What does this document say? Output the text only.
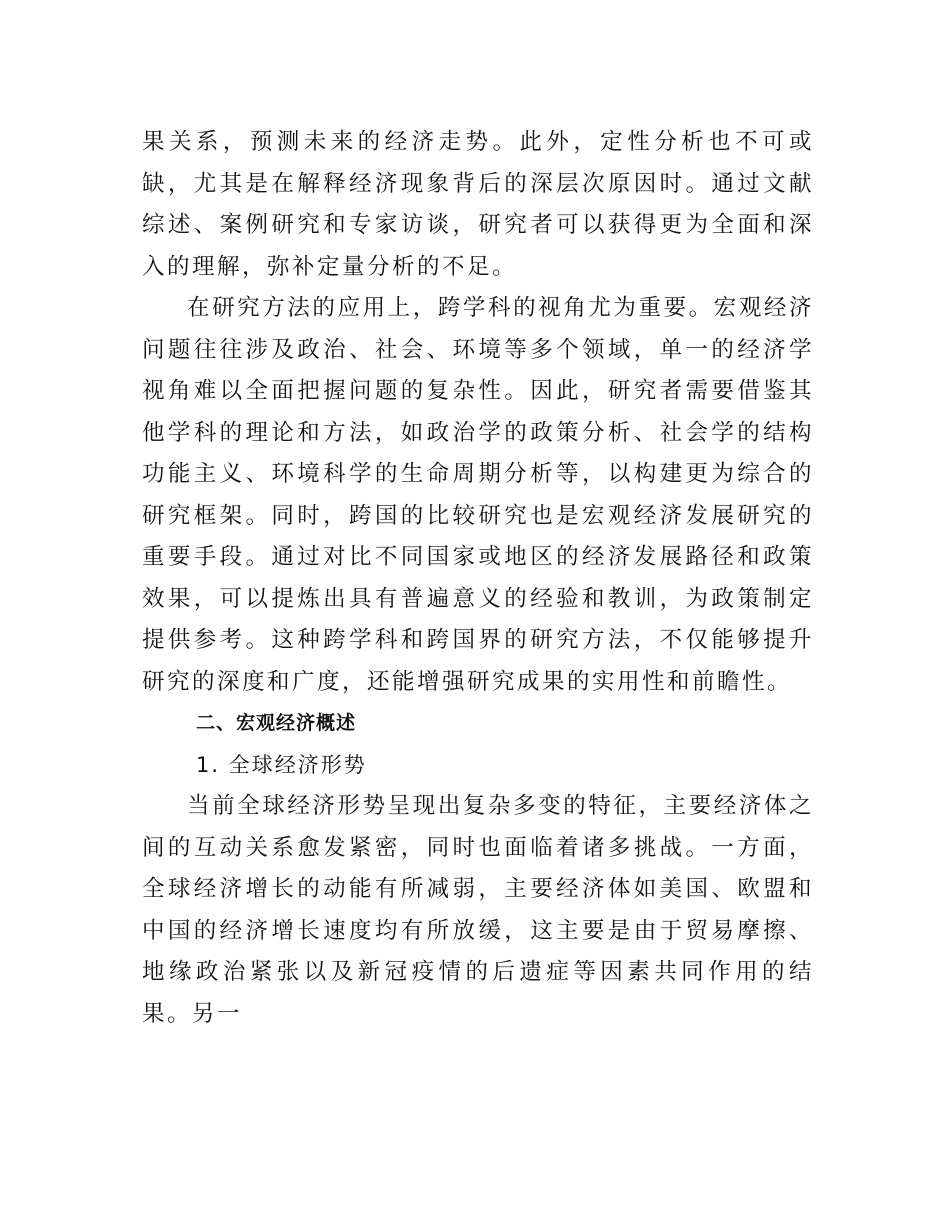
果关系，预测未来的经济走势。此外，定性分析也不可或缺，尤其是在解释经济现象背后的深层次原因时。通过文献综述、案例研究和专家访谈，研究者可以获得更为全面和深入的理解，弥补定量分析的不足。

在研究方法的应用上，跨学科的视角尤为重要。宏观经济问题往往涉及政治、社会、环境等多个领域，单一的经济学视角难以全面把握问题的复杂性。因此，研究者需要借鉴其他学科的理论和方法，如政治学的政策分析、社会学的结构功能主义、环境科学的生命周期分析等，以构建更为综合的研究框架。同时，跨国的比较研究也是宏观经济发展研究的重要手段。通过对比不同国家或地区的经济发展路径和政策效果，可以提炼出具有普遍意义的经验和教训，为政策制定提供参考。这种跨学科和跨国界的研究方法，不仅能够提升研究的深度和广度，还能增强研究成果的实用性和前瞻性。

二、宏观经济概述

1. 全球经济形势

当前全球经济形势呈现出复杂多变的特征，主要经济体之间的互动关系愈发紧密，同时也面临着诸多挑战。一方面，全球经济增长的动能有所减弱，主要经济体如美国、欧盟和中国的经济增长速度均有所放缓，这主要是由于贸易摩擦、地缘政治紧张以及新冠疫情的后遗症等因素共同作用的结果。另一
